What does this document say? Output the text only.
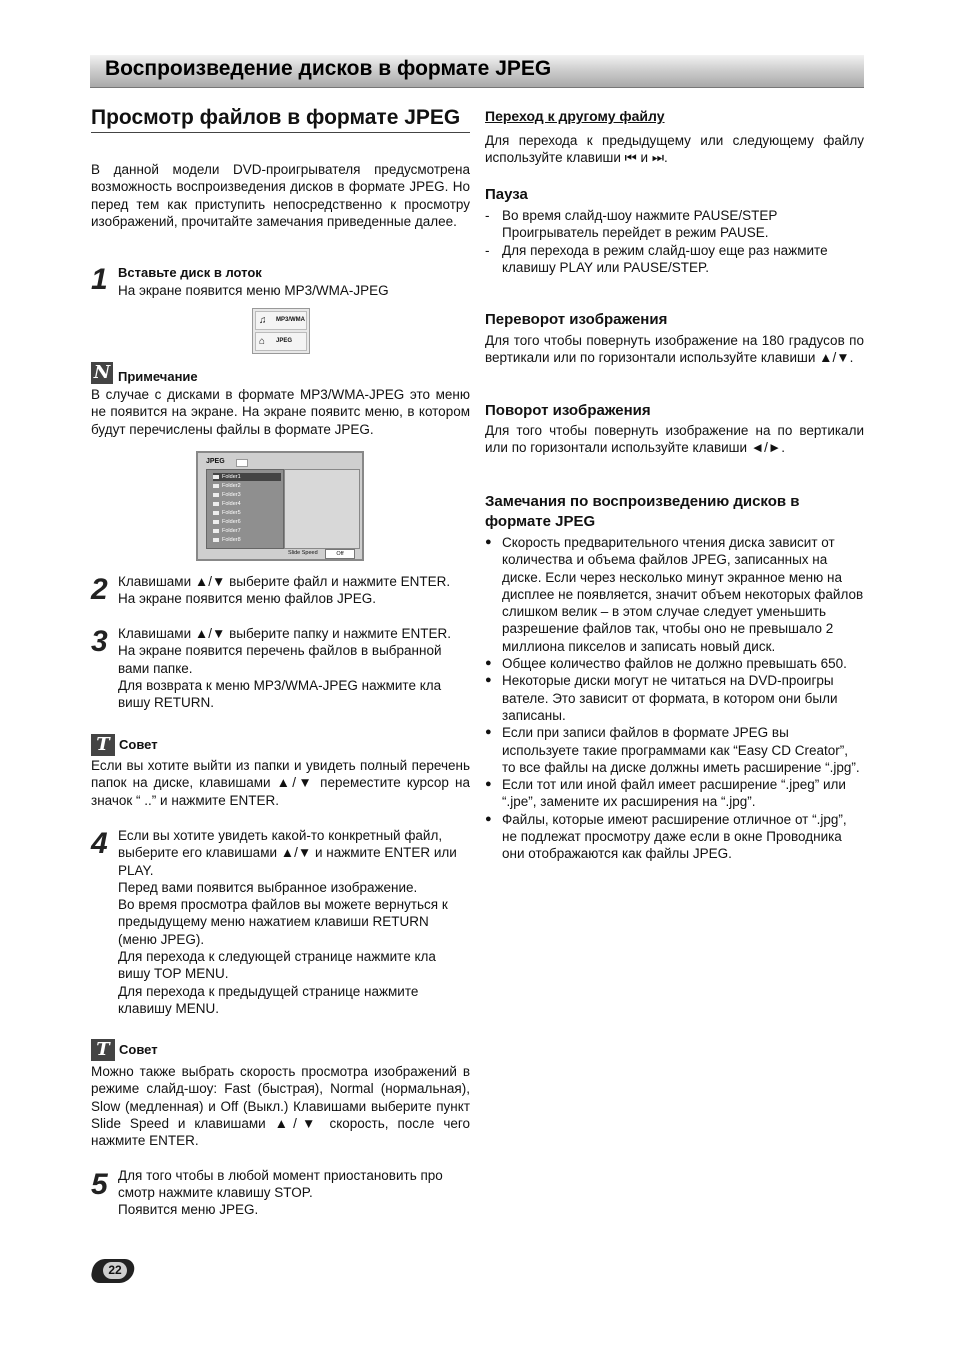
Воспроизведение дисков в формате JPEG
Просмотр файлов в формате JPEG
В данной модели DVD-проигрывателя предусмотрена возможность воспроизведения дисков в формате JPEG. Но перед тем как приступить непосредственно к просмотру изображений, прочитайте замечания приведенные далее.
1 Вставьте диск в лоток
На экране появится меню MP3/WMA-JPEG
♫ MP3/WMA
⌂ JPEG
N Примечание
В случае с дисками в формате MP3/WMA-JPEG это меню не появится на экране. На экране появитс меню, в котором будут перечислены файлы в формате JPEG.
JPEG
Folder1
Folder2
Folder3
Folder4
Folder5
Folder6
Folder7
Folder8
Slide Speed	Off
2 Клавишами ▲/▼ выберите файл и нажмите ENTER. На экране появится меню файлов JPEG.
3 Клавишами ▲/▼ выберите папку и нажмите ENTER. На экране появится перечень файлов в выбранной вами папке.
Для возврата к меню MP3/WMA-JPEG нажмите кла вишу RETURN.
T Совет
Если вы хотите выйти из папки и увидеть полный перечень папок на диске, клавишами ▲/▼ переместите курсор на значок “ ..” и нажмите ENTER.
4 Если вы хотите увидеть какой-то конкретный файл, выберите его клавишами ▲/▼ и нажмите ENTER или PLAY.
Перед вами появится выбранное изображение.
Во время просмотра файлов вы можете вернуться к предыдущему меню нажатием клавиши RETURN (меню JPEG).
Для перехода к следующей странице нажмите кла вишу TOP MENU.
Для перехода к предыдущей странице нажмите клавишу MENU.
T Совет
Можно также выбрать скорость просмотра изображений в режиме слайд-шоу: Fast (быстрая), Normal (нормальная), Slow (медленная) и Off (Выкл.) Клавишами выберите пункт Slide Speed и клавишами ▲/▼ скорость, после чего нажмите ENTER.
5 Для того чтобы в любой момент приостановить про смотр нажмите клавишу STOP.
Появится меню JPEG.
Переход к другому файлу
Для перехода к предыдущему или следующему файлу используйте клавиши ⏮ и ⏭.
Пауза
- Во время слайд-шоу нажмите PAUSE/STEP Проигрыватель перейдет в режим PAUSE.
- Для перехода в режим слайд-шоу еще раз нажмите клавишу PLAY или PAUSE/STEP.
Переворот изображения
Для того чтобы повернуть изображение на 180 градусов по вертикали или по горизонтали используйте клавиши ▲/▼.
Поворот изображения
Для того чтобы повернуть изображение на по вертикали или по горизонтали используйте клавиши ◄/►.
Замечания по воспроизведению дисков в формате JPEG
● Скорость предварительного чтения диска зависит от количества и объема файлов JPEG, записанных на диске. Если через несколько минут экранное меню на дисплее не появляется, значит объем некоторых файлов слишком велик – в этом случае следует уменьшить разрешение файлов так, чтобы оно не превышало 2 миллиона пикселов и записать новый диск.
● Общее количество файлов не должно превышать 650.
● Некоторые диски могут не читаться на DVD-проигры вателе. Это зависит от формата, в котором они были записаны.
● Если при записи файлов в формате JPEG вы используете такие программами как “Easy CD Creator”, то все файлы на диске должны иметь расширение “.jpg”.
● Если тот или иной файл имеет расширение “.jpeg” или “.jpe”, замените их расширения на “.jpg”.
● Файлы, которые имеют расширение отличное от “.jpg”, не подлежат просмотру даже если в окне Проводника они отображаются как файлы JPEG.
22
